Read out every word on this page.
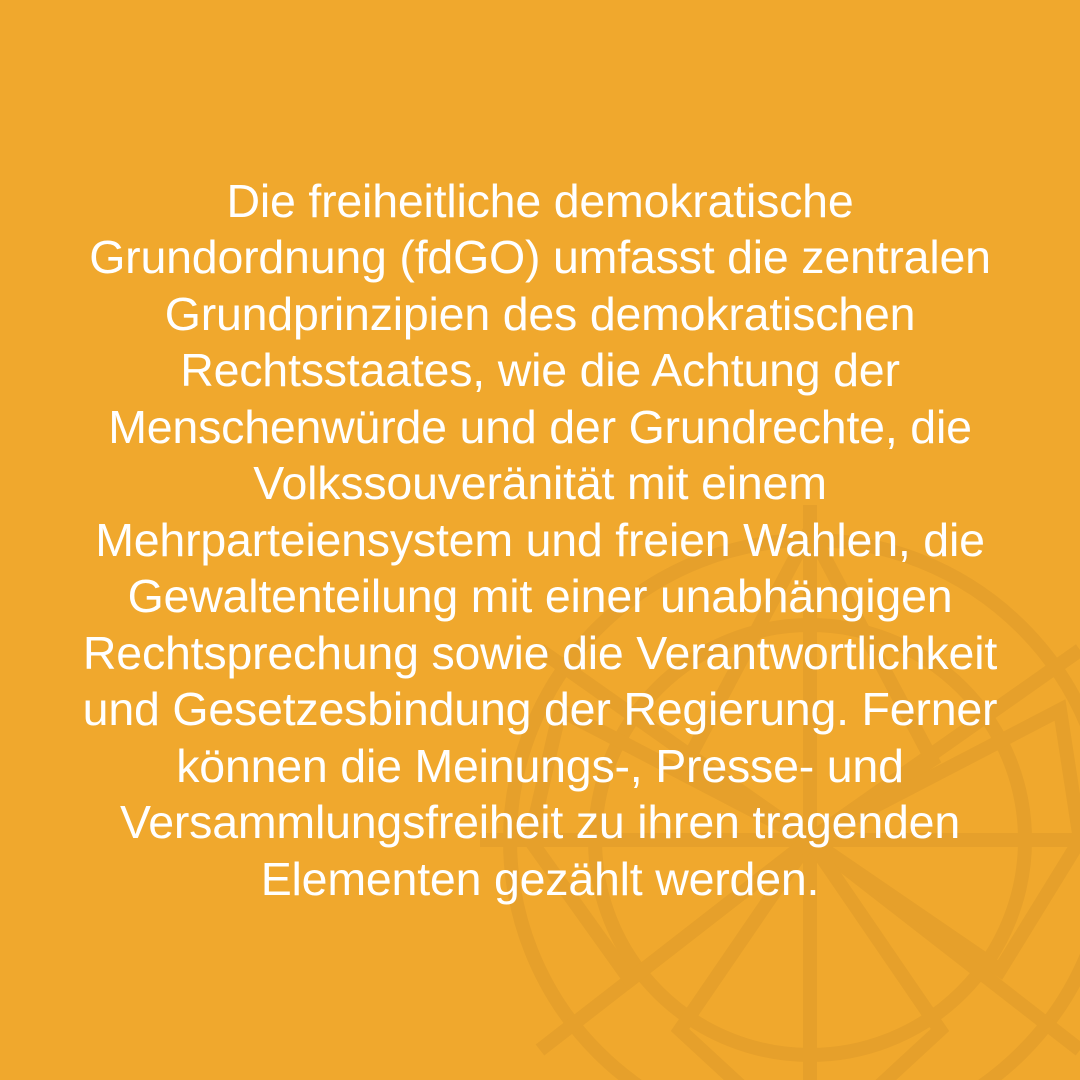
Die freiheitliche demokratische Grundordnung (fdGO) umfasst die zentralen Grundprinzipien des demokratischen Rechtsstaates, wie die Achtung der Menschenwürde und der Grundrechte, die Volkssouveränität mit einem Mehrparteiensystem und freien Wahlen, die Gewaltenteilung mit einer unabhängigen Rechtsprechung sowie die Verantwortlichkeit und Gesetzesbindung der Regierung. Ferner können die Meinungs-, Presse- und Versammlungsfreiheit zu ihren tragenden Elementen gezählt werden.
